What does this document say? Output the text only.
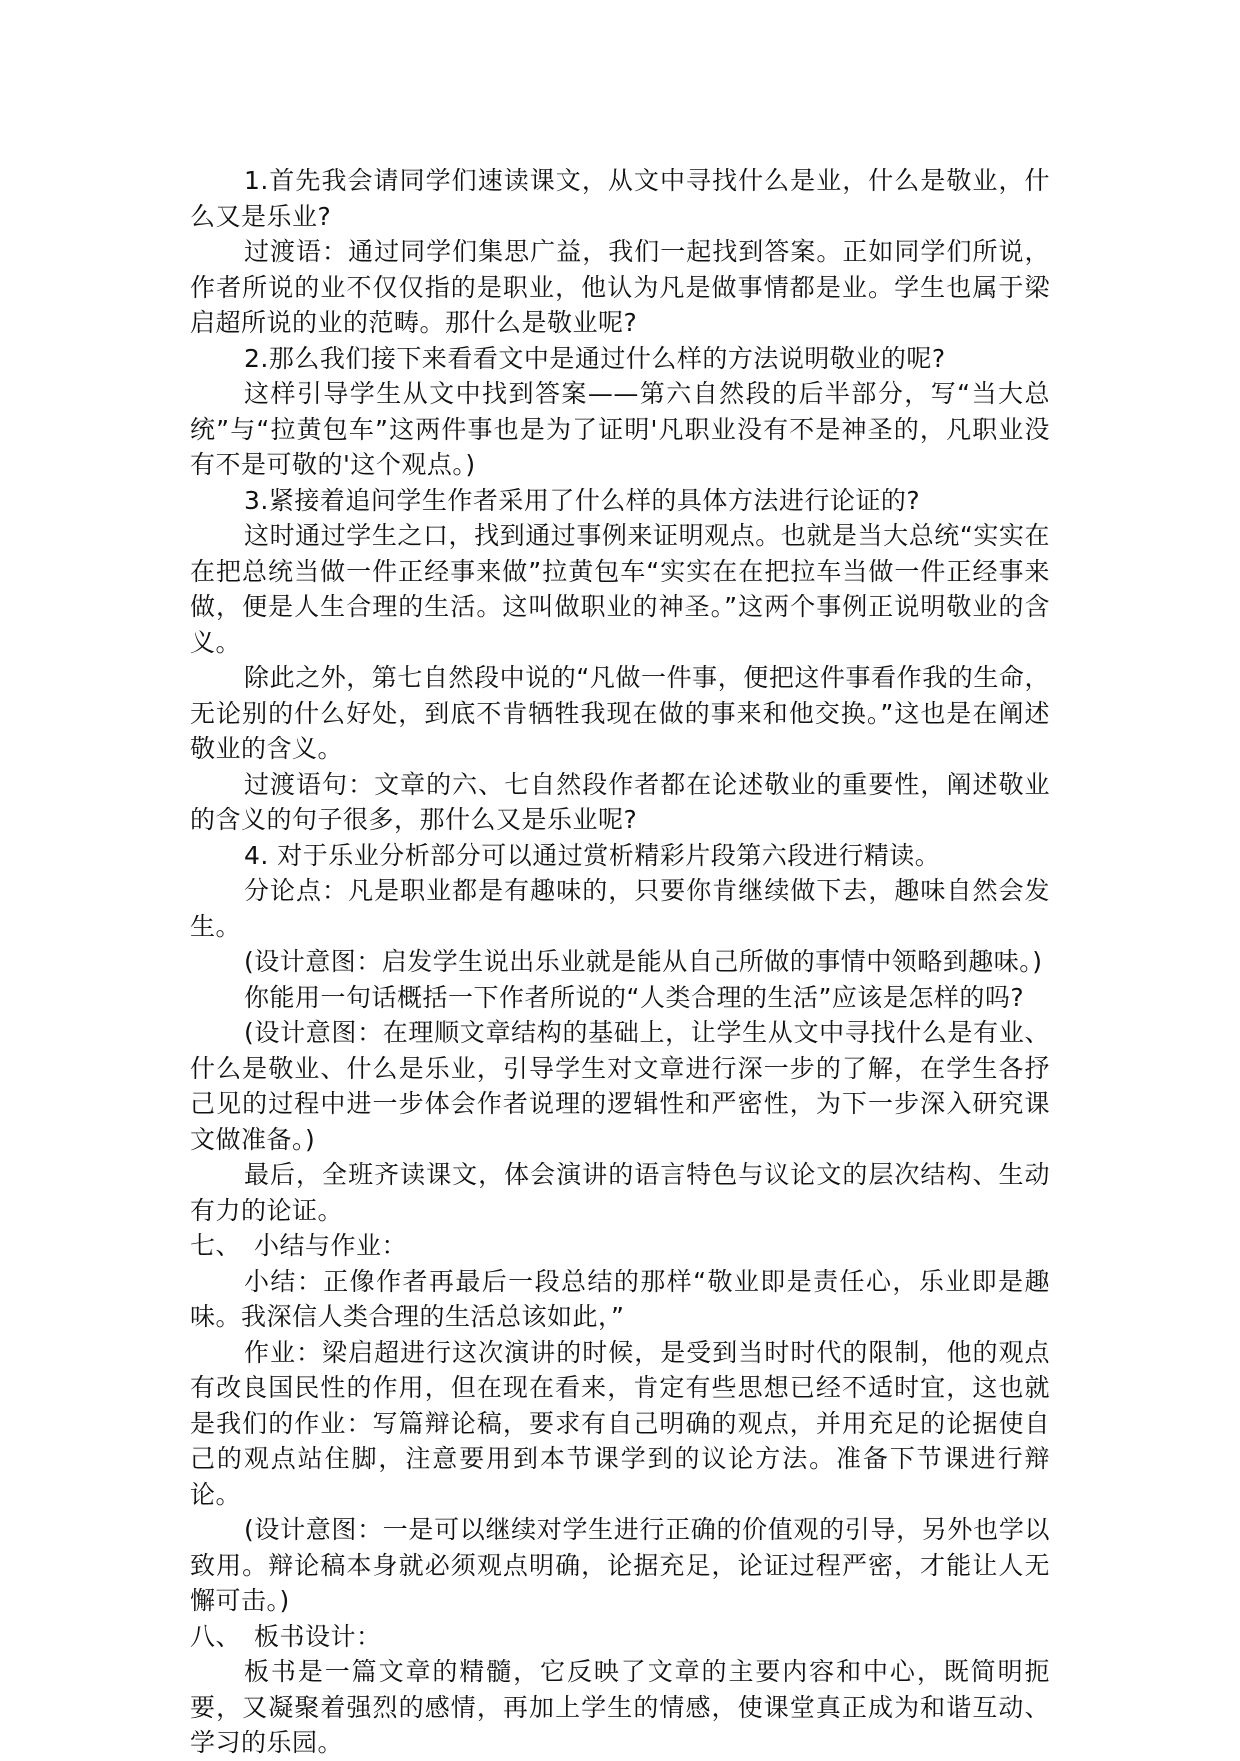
1.首先我会请同学们速读课文，从文中寻找什么是业，什么是敬业，什么又是乐业?

过渡语：通过同学们集思广益，我们一起找到答案。正如同学们所说，作者所说的业不仅仅指的是职业，他认为凡是做事情都是业。学生也属于梁启超所说的业的范畴。那什么是敬业呢?

2.那么我们接下来看看文中是通过什么样的方法说明敬业的呢?

这样引导学生从文中找到答案——第六自然段的后半部分，写“当大总统”与“拉黄包车”这两件事也是为了证明'凡职业没有不是神圣的，凡职业没有不是可敬的'这个观点。)

3.紧接着追问学生作者采用了什么样的具体方法进行论证的?

这时通过学生之口，找到通过事例来证明观点。也就是当大总统“实实在在把总统当做一件正经事来做”拉黄包车“实实在在把拉车当做一件正经事来做，便是人生合理的生活。这叫做职业的神圣。”这两个事例正说明敬业的含义。

除此之外，第七自然段中说的“凡做一件事，便把这件事看作我的生命，无论别的什么好处，到底不肯牺牲我现在做的事来和他交换。”这也是在阐述敬业的含义。

过渡语句：文章的六、七自然段作者都在论述敬业的重要性，阐述敬业的含义的句子很多，那什么又是乐业呢?

4. 对于乐业分析部分可以通过赏析精彩片段第六段进行精读。

分论点：凡是职业都是有趣味的，只要你肯继续做下去，趣味自然会发生。

(设计意图：启发学生说出乐业就是能从自己所做的事情中领略到趣味。)

你能用一句话概括一下作者所说的“人类合理的生活”应该是怎样的吗?

(设计意图：在理顺文章结构的基础上，让学生从文中寻找什么是有业、什么是敬业、什么是乐业，引导学生对文章进行深一步的了解，在学生各抒己见的过程中进一步体会作者说理的逻辑性和严密性，为下一步深入研究课文做准备。)

最后，全班齐读课文，体会演讲的语言特色与议论文的层次结构、生动有力的论证。

七、　小结与作业：

小结：正像作者再最后一段总结的那样“敬业即是责任心，乐业即是趣味。我深信人类合理的生活总该如此，”

作业：梁启超进行这次演讲的时候，是受到当时时代的限制，他的观点有改良国民性的作用，但在现在看来，肯定有些思想已经不适时宜，这也就是我们的作业：写篇辩论稿，要求有自己明确的观点，并用充足的论据使自己的观点站住脚，注意要用到本节课学到的议论方法。准备下节课进行辩论。

(设计意图：一是可以继续对学生进行正确的价值观的引导，另外也学以致用。辩论稿本身就必须观点明确，论据充足，论证过程严密，才能让人无懈可击。)

八、　板书设计：

板书是一篇文章的精髓，它反映了文章的主要内容和中心，既简明扼要，又凝聚着强烈的感情，再加上学生的情感，使课堂真正成为和谐互动、学习的乐园。
